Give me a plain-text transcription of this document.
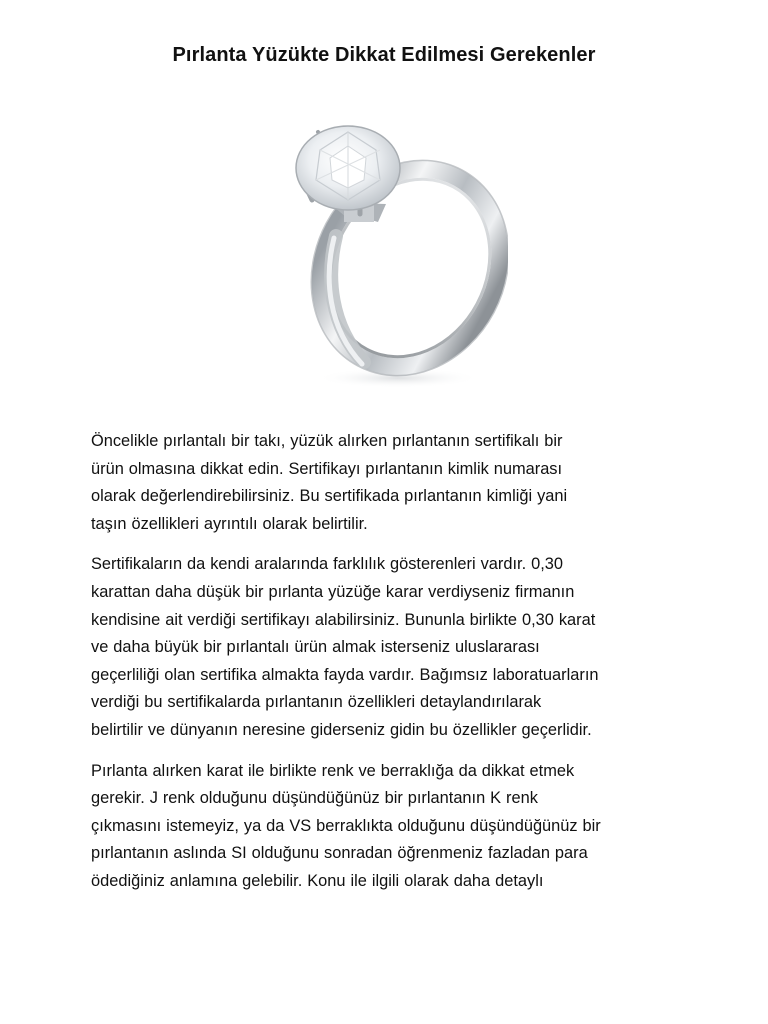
Pırlanta Yüzükte Dikkat Edilmesi Gerekenler

Öncelikle pırlantalı bir takı, yüzük alırken pırlantanın sertifikalı bir
ürün olmasına dikkat edin. Sertifikayı pırlantanın kimlik numarası
olarak değerlendirebilirsiniz. Bu sertifikada pırlantanın kimliği yani
taşın özellikleri ayrıntılı olarak belirtilir.

Sertifikaların da kendi aralarında farklılık gösterenleri vardır. 0,30
karattan daha düşük bir pırlanta yüzüğe karar verdiyseniz firmanın
kendisine ait verdiği sertifikayı alabilirsiniz. Bununla birlikte 0,30 karat
ve daha büyük bir pırlantalı ürün almak isterseniz uluslararası
geçerliliği olan sertifika almakta fayda vardır. Bağımsız laboratuarların
verdiği bu sertifikalarda pırlantanın özellikleri detaylandırılarak
belirtilir ve dünyanın neresine giderseniz gidin bu özellikler geçerlidir.

Pırlanta alırken karat ile birlikte renk ve berraklığa da dikkat etmek
gerekir. J renk olduğunu düşündüğünüz bir pırlantanın K renk
çıkmasını istemeyiz, ya da VS berraklıkta olduğunu düşündüğünüz bir
pırlantanın aslında SI olduğunu sonradan öğrenmeniz fazladan para
ödediğiniz anlamına gelebilir. Konu ile ilgili olarak daha detaylı
